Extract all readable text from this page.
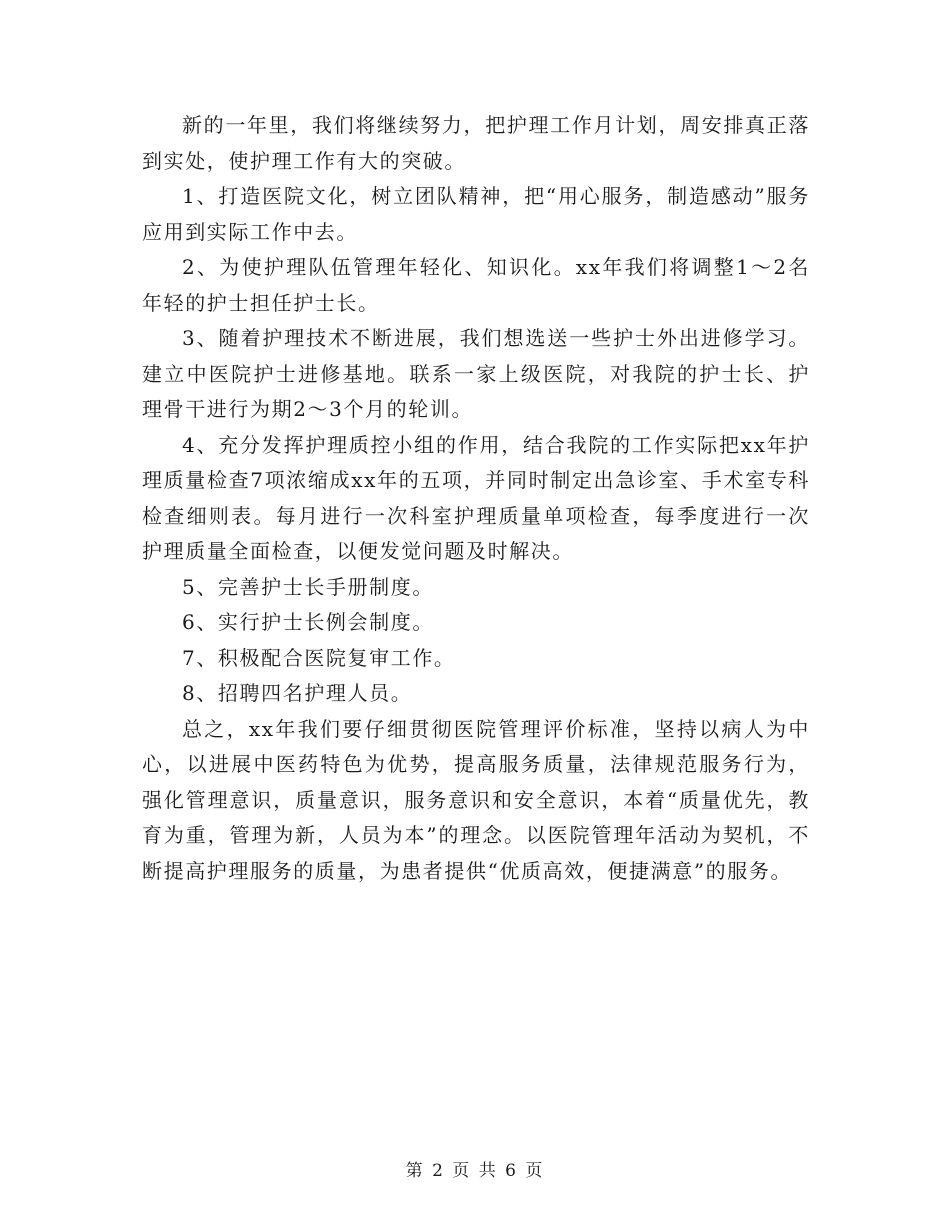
新的一年里，我们将继续努力，把护理工作月计划，周安排真正落到实处，使护理工作有大的突破。

1、打造医院文化，树立团队精神，把“用心服务，制造感动”服务应用到实际工作中去。

2、为使护理队伍管理年轻化、知识化。xx年我们将调整1～2名年轻的护士担任护士长。

3、随着护理技术不断进展，我们想选送一些护士外出进修学习。建立中医院护士进修基地。联系一家上级医院，对我院的护士长、护理骨干进行为期2～3个月的轮训。

4、充分发挥护理质控小组的作用，结合我院的工作实际把xx年护理质量检查7项浓缩成xx年的五项，并同时制定出急诊室、手术室专科检查细则表。每月进行一次科室护理质量单项检查，每季度进行一次护理质量全面检查，以便发觉问题及时解决。

5、完善护士长手册制度。

6、实行护士长例会制度。

7、积极配合医院复审工作。

8、招聘四名护理人员。

总之，xx年我们要仔细贯彻医院管理评价标准，坚持以病人为中心，以进展中医药特色为优势，提高服务质量，法律规范服务行为，强化管理意识，质量意识，服务意识和安全意识，本着“质量优先，教育为重，管理为新，人员为本”的理念。以医院管理年活动为契机，不断提高护理服务的质量，为患者提供“优质高效，便捷满意”的服务。

第 2 页 共 6 页
